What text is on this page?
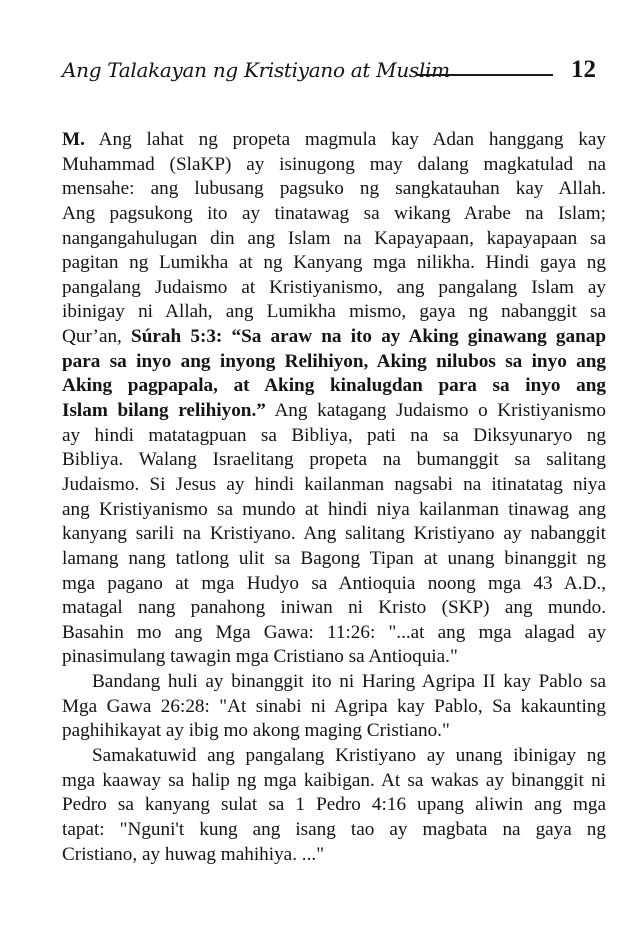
Ang Talakayan ng Kristiyano at Muslim	12
M. Ang lahat ng propeta magmula kay Adan hanggang kay
Muhammad (SlaKP) ay isinugong may dalang magkatulad na
mensahe: ang lubusang pagsuko ng sangkatauhan kay Allah.
Ang pagsukong ito ay tinatawag sa wikang Arabe na Islam;
nangangahulugan din ang Islam na Kapayapaan, kapayapaan sa
pagitan ng Lumikha at ng Kanyang mga nilikha. Hindi gaya ng
pangalang Judaismo at Kristiyanismo, ang pangalang Islam ay
ibinigay ni Allah, ang Lumikha mismo, gaya ng nabanggit sa
Qur’an, Súrah 5:3: “Sa araw na ito ay Aking ginawang ganap
para sa inyo ang inyong Relihiyon, Aking nilubos sa inyo ang
Aking pagpapala, at Aking kinalugdan para sa inyo ang
Islam bilang relihiyon.” Ang katagang Judaismo o Kristiyanismo
ay hindi matatagpuan sa Bibliya, pati na sa Diksyunaryo ng
Bibliya. Walang Israelitang propeta na bumanggit sa salitang
Judaismo. Si Jesus ay hindi kailanman nagsabi na itinatatag niya
ang Kristiyanismo sa mundo at hindi niya kailanman tinawag ang
kanyang sarili na Kristiyano. Ang salitang Kristiyano ay nabanggit
lamang nang tatlong ulit sa Bagong Tipan at unang binanggit ng
mga pagano at mga Hudyo sa Antioquia noong mga 43 A.D.,
matagal nang panahong iniwan ni Kristo (SKP) ang mundo.
Basahin mo ang Mga Gawa: 11:26: "...at ang mga alagad ay
pinasimulang tawagin mga Cristiano sa Antioquia."
Bandang huli ay binanggit ito ni Haring Agripa II kay Pablo sa
Mga Gawa 26:28: "At sinabi ni Agripa kay Pablo, Sa kakaunting
paghihikayat ay ibig mo akong maging Cristiano."
Samakatuwid ang pangalang Kristiyano ay unang ibinigay ng
mga kaaway sa halip ng mga kaibigan. At sa wakas ay binanggit ni
Pedro sa kanyang sulat sa 1 Pedro 4:16 upang aliwin ang mga
tapat: "Nguni't kung ang isang tao ay magbata na gaya ng
Cristiano, ay huwag mahihiya. ..."
